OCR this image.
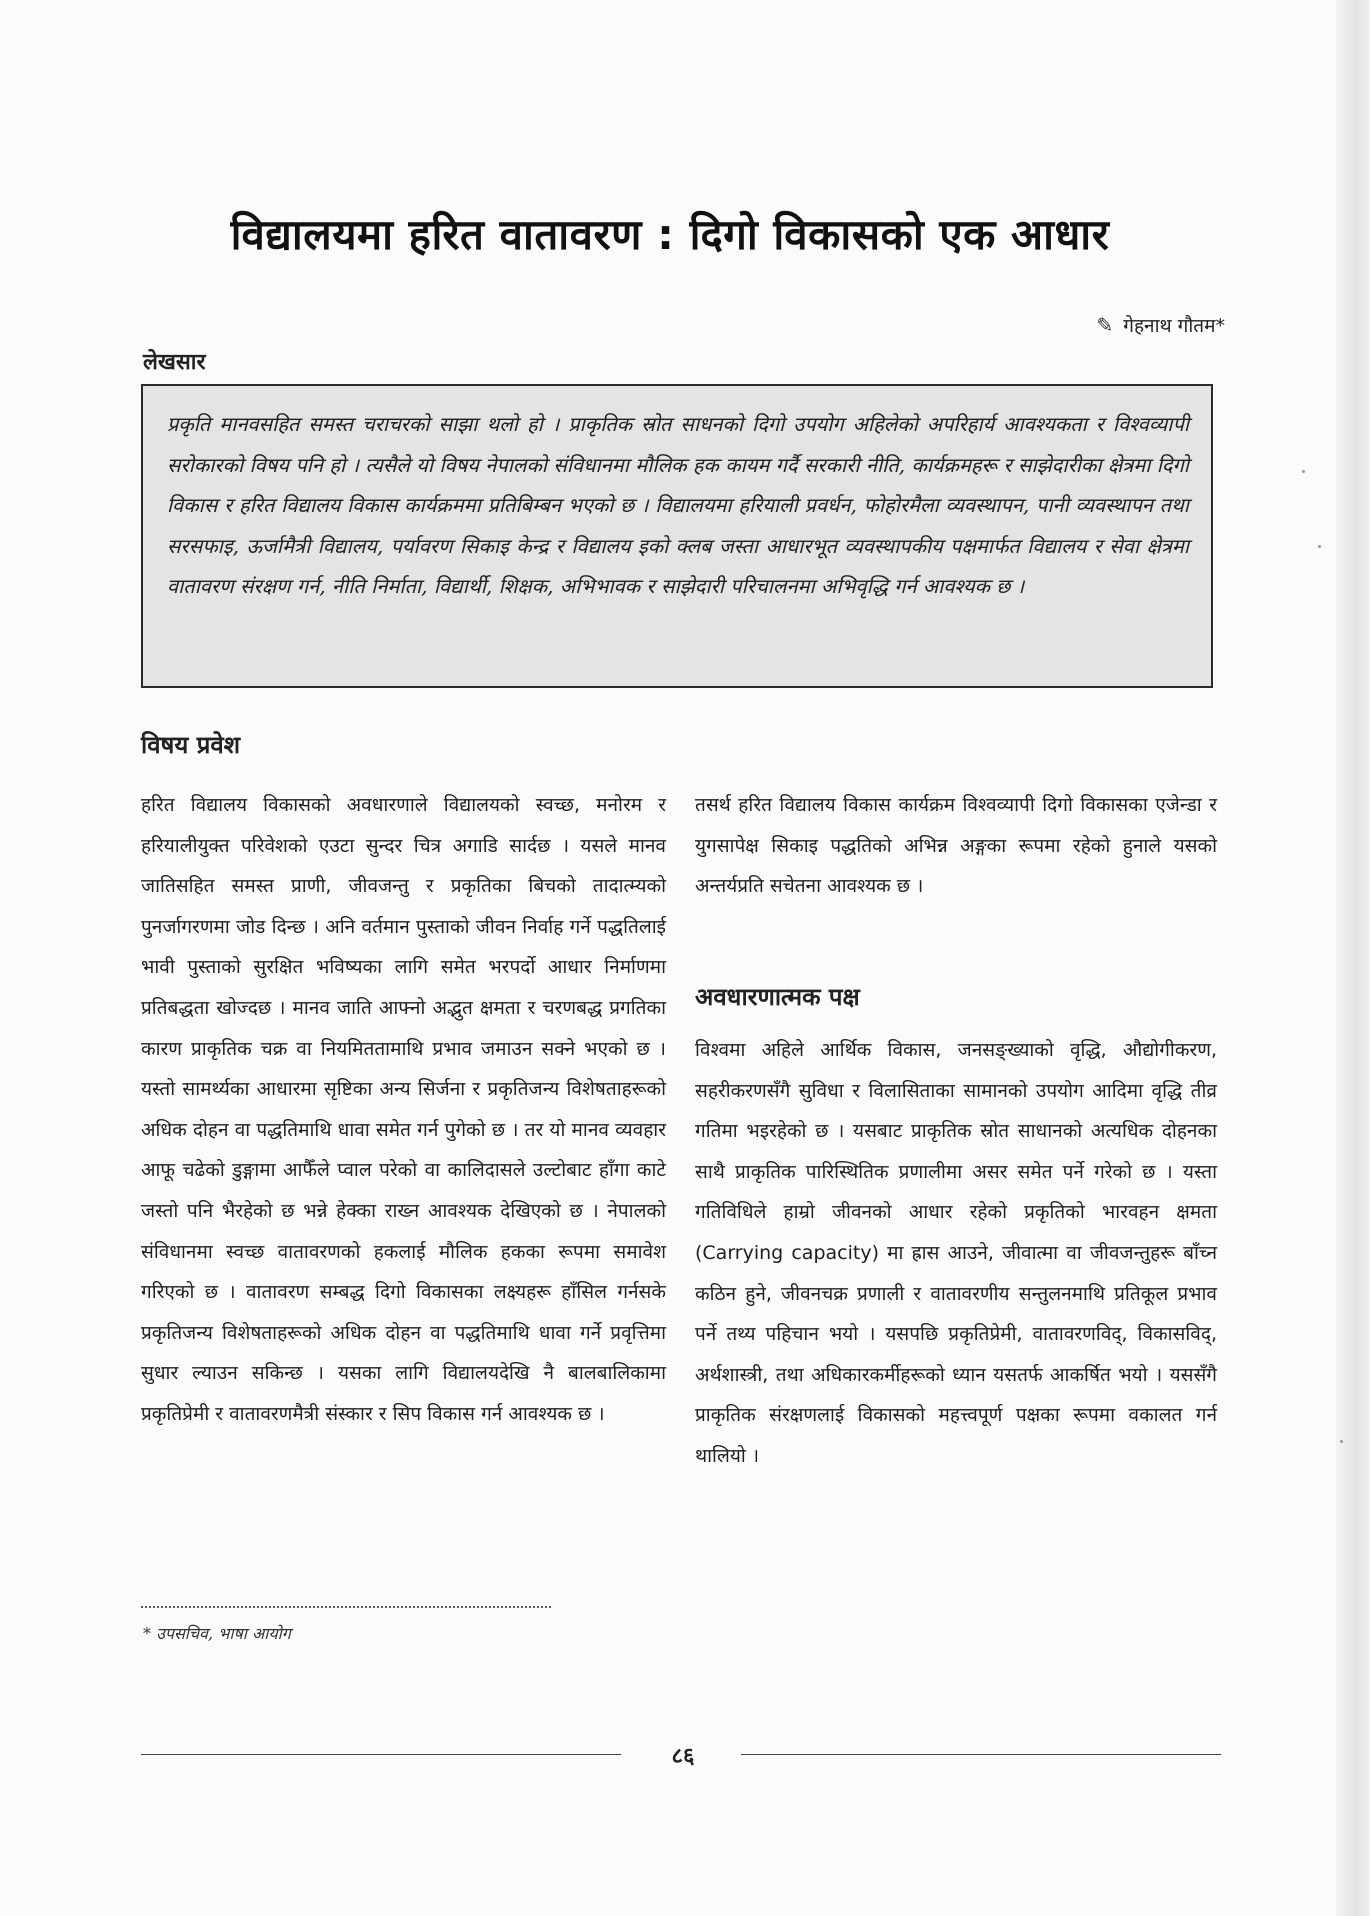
विद्यालयमा हरित वातावरण : दिगो विकासको एक आधार
✎ गेहनाथ गौतम*
लेखसार

प्रकृति मानवसहित समस्त चराचरको साझा थलो हो । प्राकृतिक स्रोत साधनको दिगो उपयोग अहिलेको अपरिहार्य आवश्यकता र विश्वव्यापी सरोकारको विषय पनि हो । त्यसैले यो विषय नेपालको संविधानमा मौलिक हक कायम गर्दै सरकारी नीति, कार्यक्रमहरू र साझेदारीका क्षेत्रमा दिगो विकास र हरित विद्यालय विकास कार्यक्रममा प्रतिबिम्बन भएको छ । विद्यालयमा हरियाली प्रवर्धन, फोहोरमैला व्यवस्थापन, पानी व्यवस्थापन तथा सरसफाइ, ऊर्जामैत्री विद्यालय, पर्यावरण सिकाइ केन्द्र र विद्यालय इको क्लब जस्ता आधारभूत व्यवस्थापकीय पक्षमार्फत विद्यालय र सेवा क्षेत्रमा वातावरण संरक्षण गर्न, नीति निर्माता, विद्यार्थी, शिक्षक, अभिभावक र साझेदारी परिचालनमा अभिवृद्धि गर्न आवश्यक छ ।

विषय प्रवेश

हरित विद्यालय विकासको अवधारणाले विद्यालयको स्वच्छ, मनोरम र हरियालीयुक्त परिवेशको एउटा सुन्दर चित्र अगाडि सार्दछ । यसले मानव जातिसहित समस्त प्राणी, जीवजन्तु र प्रकृतिका बिचको तादात्म्यको पुनर्जागरणमा जोड दिन्छ । अनि वर्तमान पुस्ताको जीवन निर्वाह गर्ने पद्धतिलाई भावी पुस्ताको सुरक्षित भविष्यका लागि समेत भरपर्दो आधार निर्माणमा प्रतिबद्धता खोज्दछ । मानव जाति आफ्नो अद्भुत क्षमता र चरणबद्ध प्रगतिका कारण प्राकृतिक चक्र वा नियमिततामाथि प्रभाव जमाउन सक्ने भएको छ । यस्तो सामर्थ्यका आधारमा सृष्टिका अन्य सिर्जना र प्रकृतिजन्य विशेषताहरूको अधिक दोहन वा पद्धतिमाथि धावा समेत गर्न पुगेको छ । तर यो मानव व्यवहार आफू चढेको डुङ्गामा आफैँले प्वाल परेको वा कालिदासले उल्टोबाट हाँगा काटे जस्तो पनि भैरहेको छ भन्ने हेक्का राख्न आवश्यक देखिएको छ । नेपालको संविधानमा स्वच्छ वातावरणको हकलाई मौलिक हकका रूपमा समावेश गरिएको छ । वातावरण सम्बद्ध दिगो विकासका लक्ष्यहरू हाँसिल गर्नसके प्रकृतिजन्य विशेषताहरूको अधिक दोहन वा पद्धतिमाथि धावा गर्ने प्रवृत्तिमा सुधार ल्याउन सकिन्छ । यसका लागि विद्यालयदेखि नै बालबालिकामा प्रकृतिप्रेमी र वातावरणमैत्री संस्कार र सिप विकास गर्न आवश्यक छ ।

तसर्थ हरित विद्यालय विकास कार्यक्रम विश्वव्यापी दिगो विकासका एजेन्डा र युगसापेक्ष सिकाइ पद्धतिको अभिन्न अङ्गका रूपमा रहेको हुनाले यसको अन्तर्यप्रति सचेतना आवश्यक छ ।

अवधारणात्मक पक्ष

विश्वमा अहिले आर्थिक विकास, जनसङ्ख्याको वृद्धि, औद्योगीकरण, सहरीकरणसँगै सुविधा र विलासिताका सामानको उपयोग आदिमा वृद्धि तीव्र गतिमा भइरहेको छ । यसबाट प्राकृतिक स्रोत साधानको अत्यधिक दोहनका साथै प्राकृतिक पारिस्थितिक प्रणालीमा असर समेत पर्ने गरेको छ । यस्ता गतिविधिले हाम्रो जीवनको आधार रहेको प्रकृतिको भारवहन क्षमता (Carrying capacity) मा ह्रास आउने, जीवात्मा वा जीवजन्तुहरू बाँच्न कठिन हुने, जीवनचक्र प्रणाली र वातावरणीय सन्तुलनमाथि प्रतिकूल प्रभाव पर्ने तथ्य पहिचान भयो । यसपछि प्रकृतिप्रेमी, वातावरणविद्, विकासविद्, अर्थशास्त्री, तथा अधिकारकर्मीहरूको ध्यान यसतर्फ आकर्षित भयो । यससँगै प्राकृतिक संरक्षणलाई विकासको महत्त्वपूर्ण पक्षका रूपमा वकालत गर्न थालियो ।

* उपसचिव, भाषा आयोग
८६
